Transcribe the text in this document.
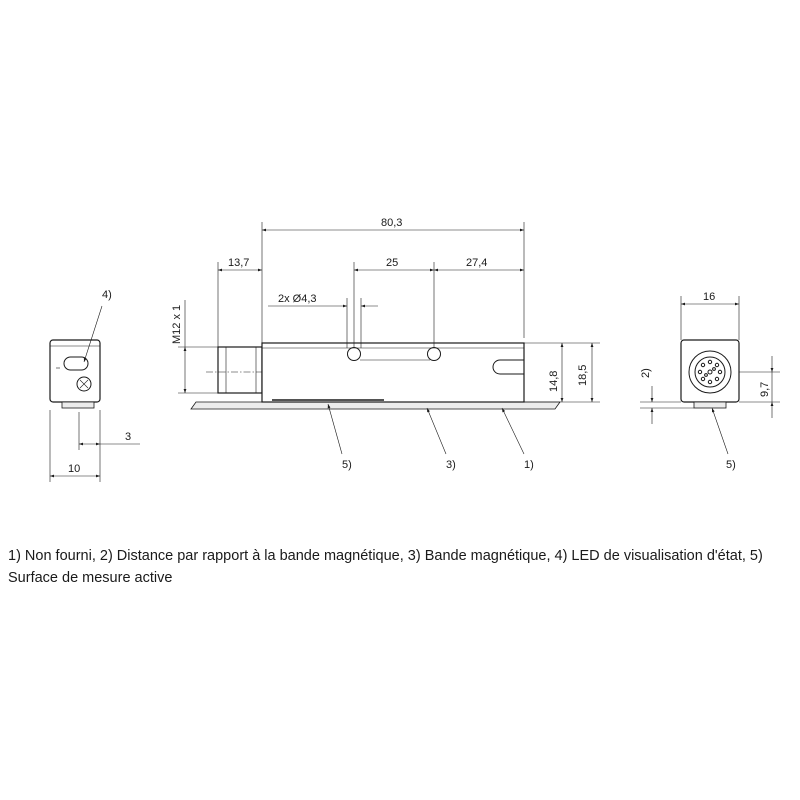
4)
10
3
80,3
13,7	25	27,4
2x Ø4,3
M12 x 1
14,8 18,5
5)	3)	1)
16
9,7
2)
5)

1) Non fourni, 2) Distance par rapport à la bande magnétique, 3) Bande magnétique, 4) LED de visualisation d'état, 5) Surface de mesure active
